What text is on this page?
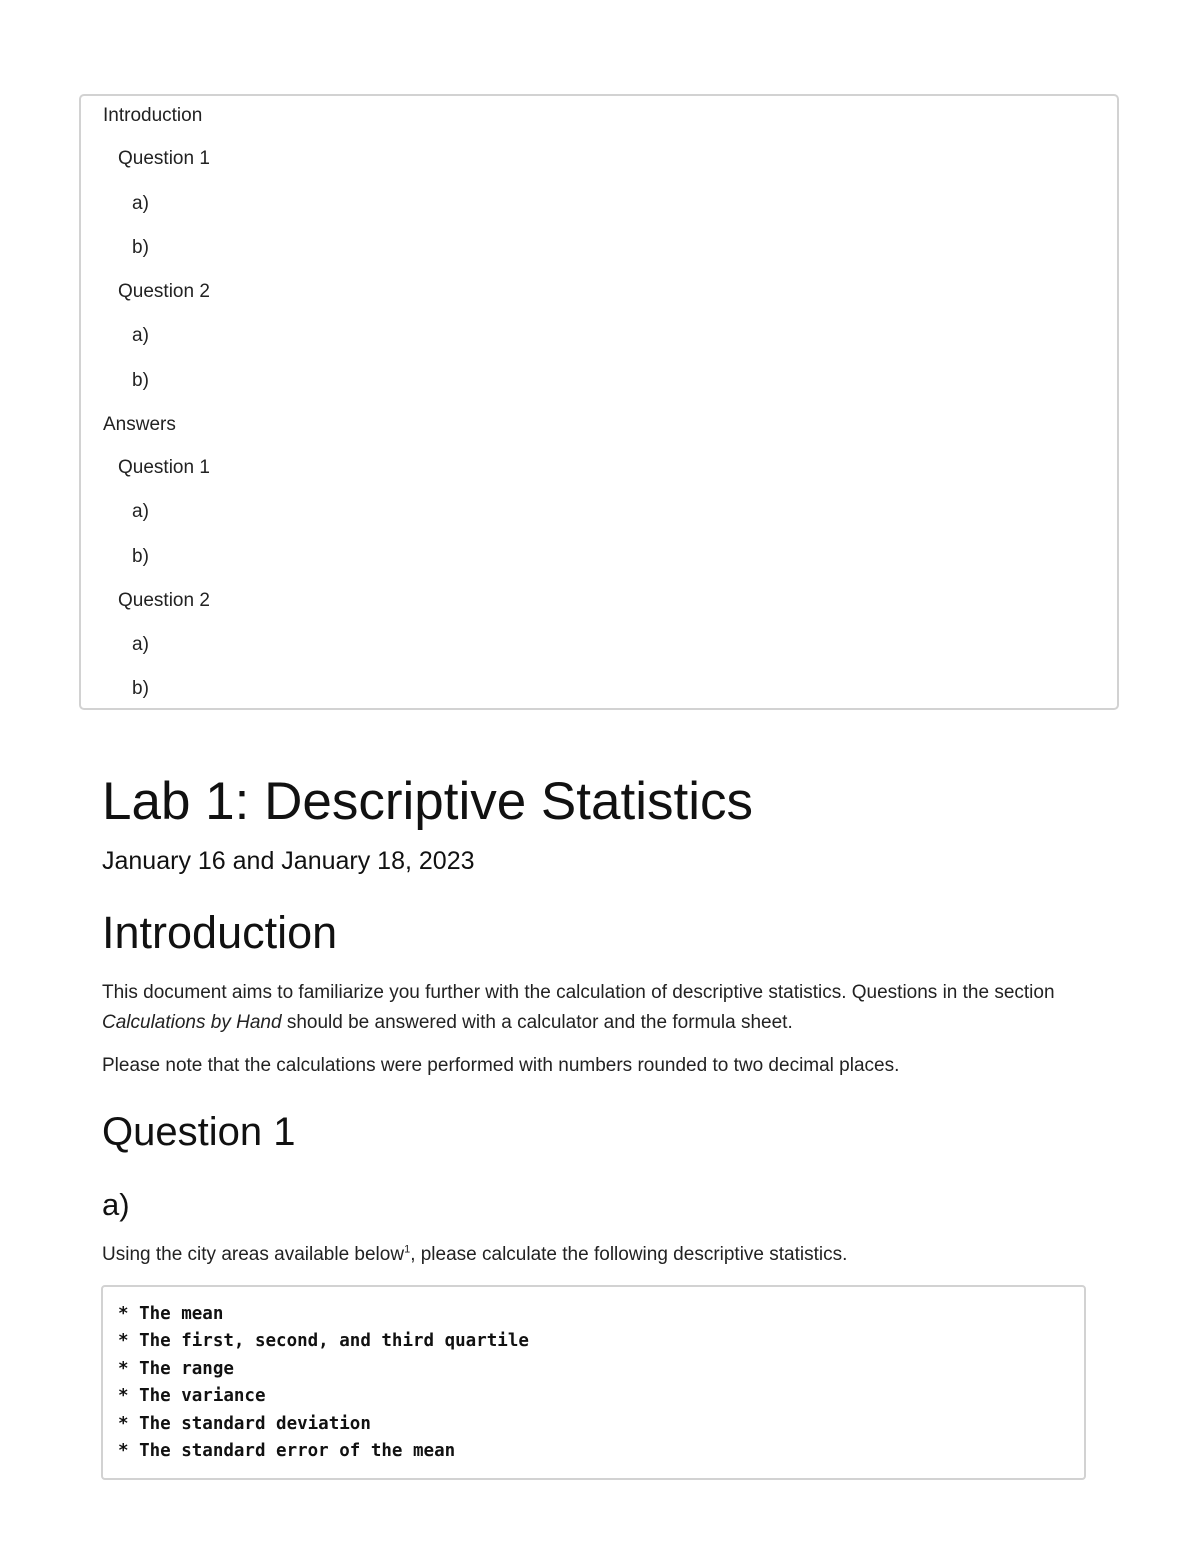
Introduction
Question 1
a)
b)
Question 2
a)
b)
Answers
Question 1
a)
b)
Question 2
a)
b)
Lab 1: Descriptive Statistics
January 16 and January 18, 2023
Introduction

This document aims to familiarize you further with the calculation of descriptive statistics. Questions in the section Calculations by Hand should be answered with a calculator and the formula sheet.

Please note that the calculations were performed with numbers rounded to two decimal places.

Question 1
a)

Using the city areas available below$^1$, please calculate the following descriptive statistics.

* The mean
* The first, second, and third quartile
* The range
* The variance
* The standard deviation
* The standard error of the mean
